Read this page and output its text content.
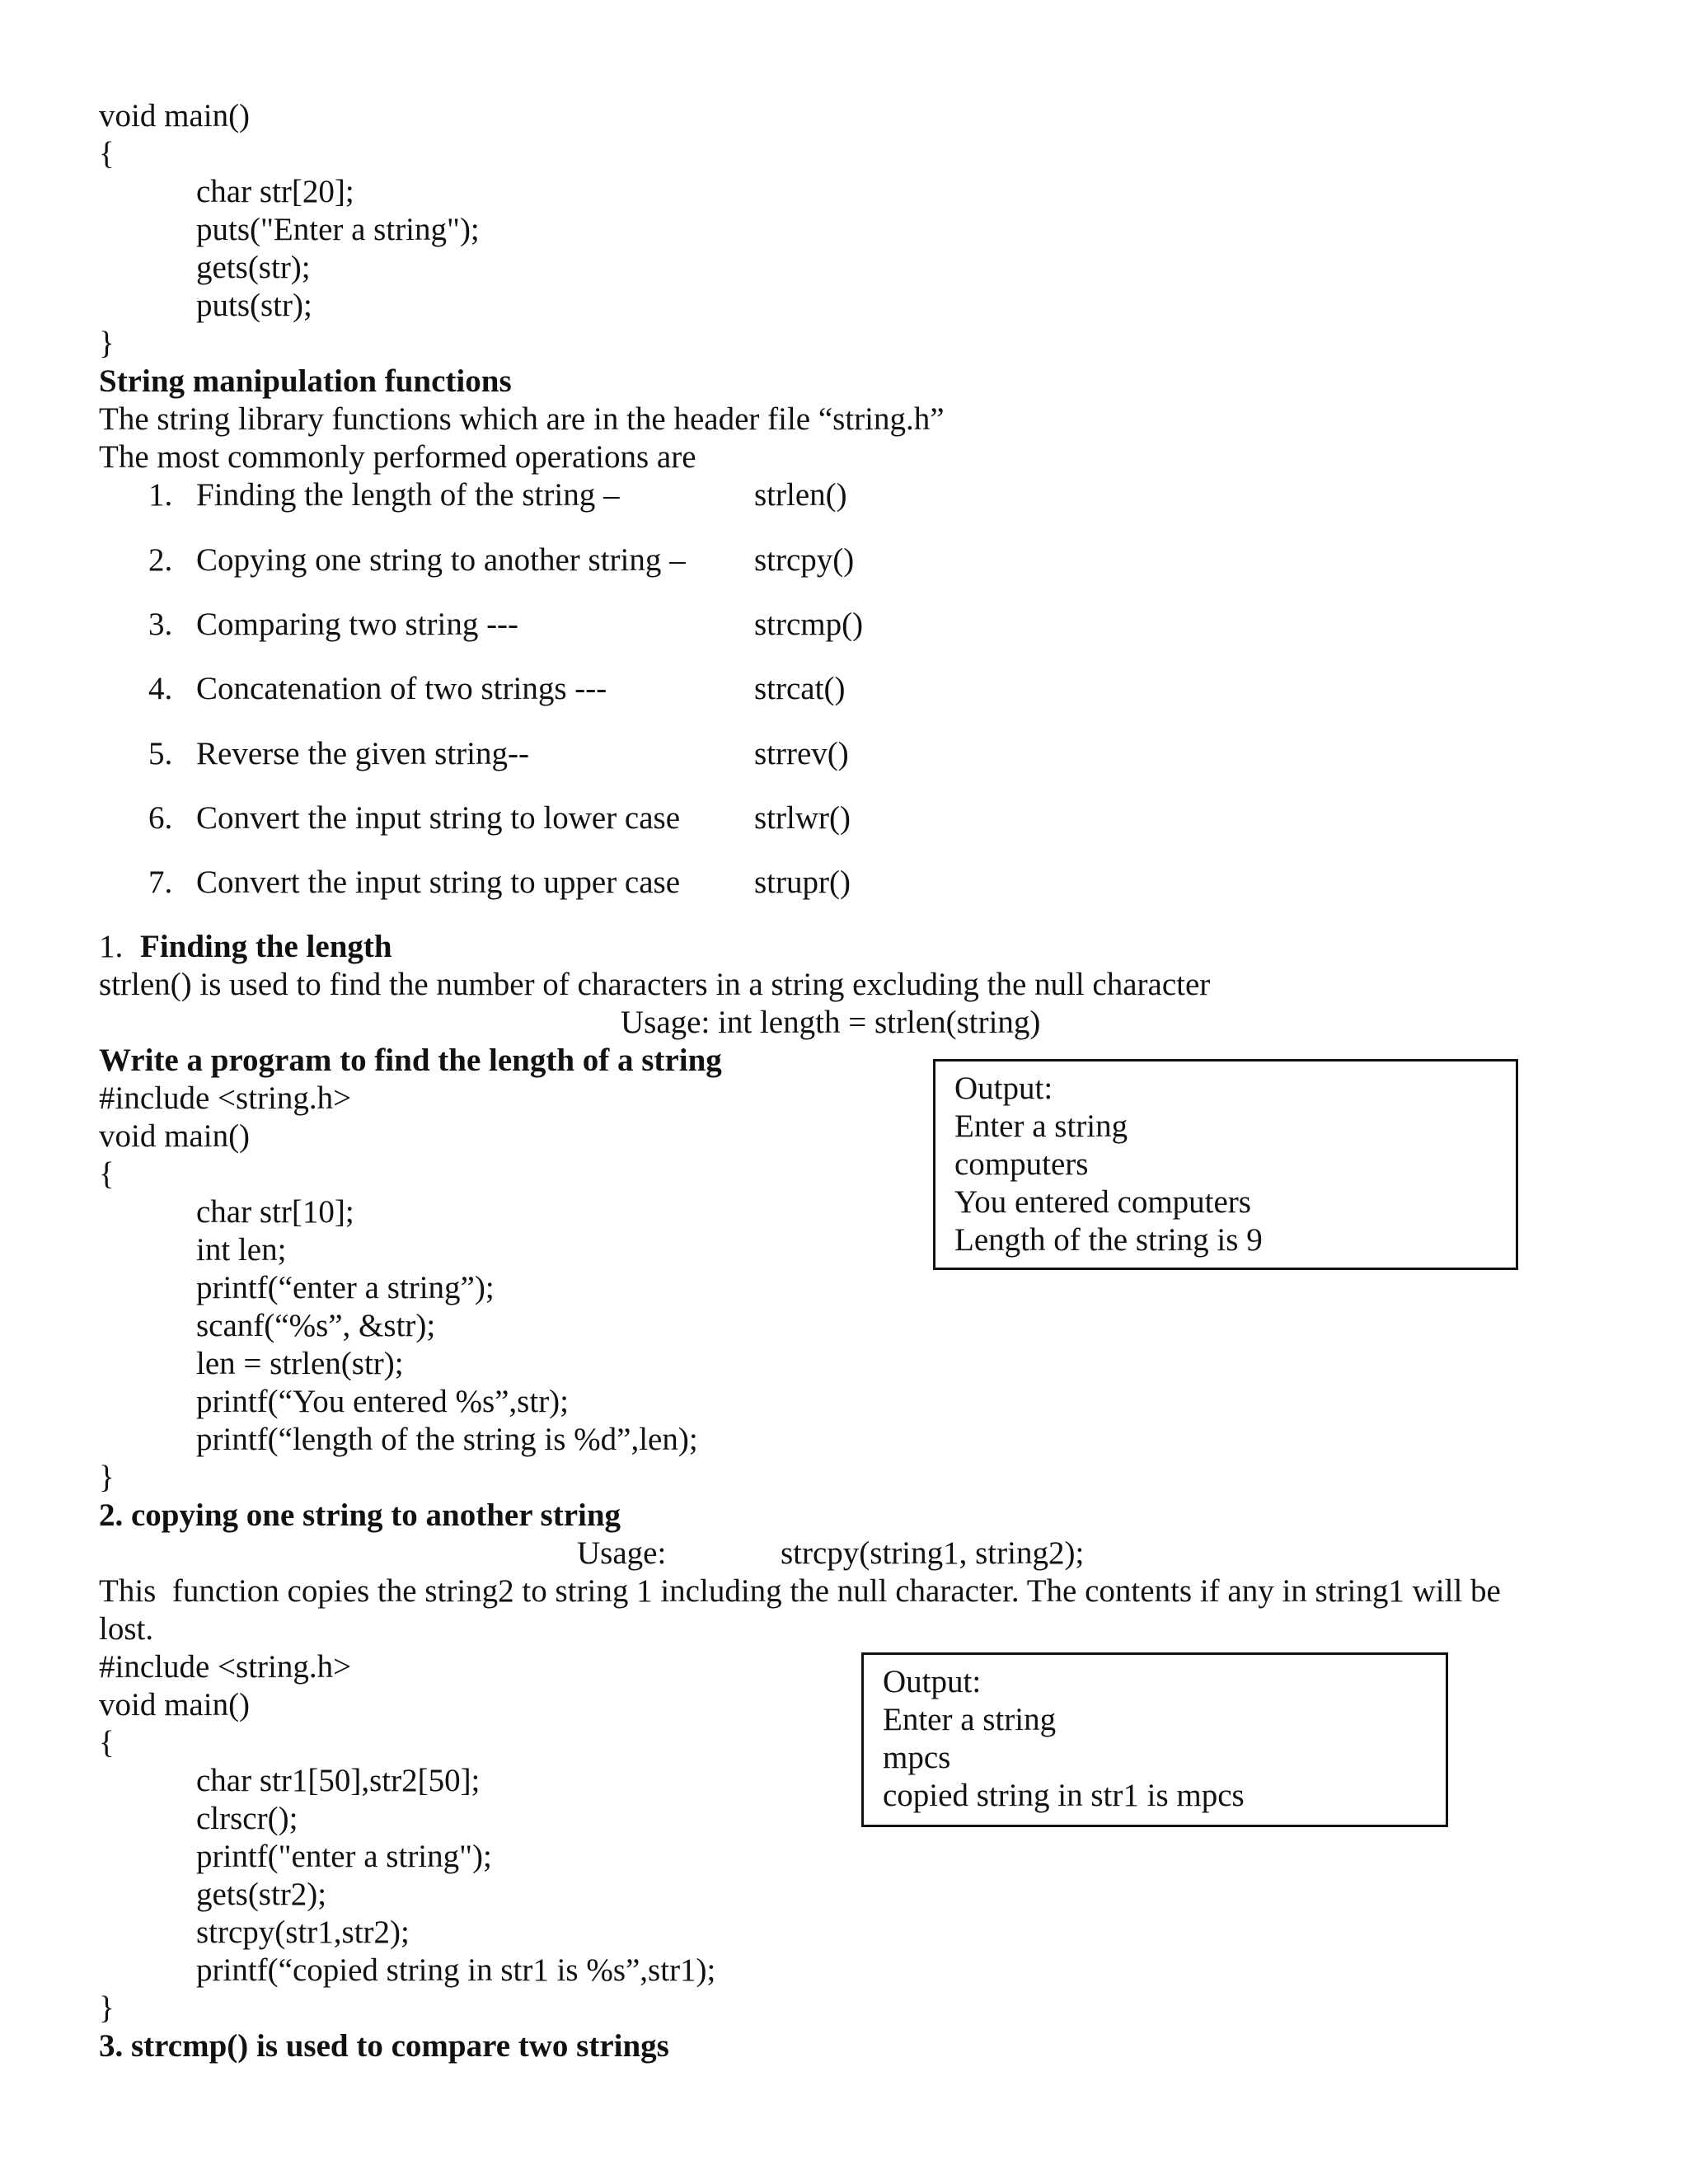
void main()
{
char str[20];
puts("Enter a string");
gets(str);
puts(str);
}
String manipulation functions
The string library functions which are in the header file “string.h”
The most commonly performed operations are
1. Finding the length of the string –	strlen()
2. Copying one string to another string – strcpy()
3. Comparing two string ---	strcmp()
4. Concatenation of two strings ---	strcat()
5. Reverse the given string--	strrev()
6. Convert the input string to lower case strlwr()
7. Convert the input string to upper case strupr()
1. Finding the length
strlen() is used to find the number of characters in a string excluding the null character
Usage: int length = strlen(string)
Write a program to find the length of a string
#include <string.h>
void main()
{
char str[10];
int len;
printf(“enter a string”);
scanf(“%s”, &str);
len = strlen(str);
printf(“You entered %s”,str);
printf(“length of the string is %d”,len);
}
Output:
Enter a string
computers
You entered computers
Length of the string is 9
2. copying one string to another string
Usage:	strcpy(string1, string2);
This  function copies the string2 to string 1 including the null character. The contents if any in string1 will be
lost.
#include <string.h>
void main()
{
char str1[50],str2[50];
clrscr();
printf("enter a string");
gets(str2);
strcpy(str1,str2);
printf(“copied string in str1 is %s”,str1);
}
Output:
Enter a string
mpcs
copied string in str1 is mpcs
3. strcmp() is used to compare two strings
